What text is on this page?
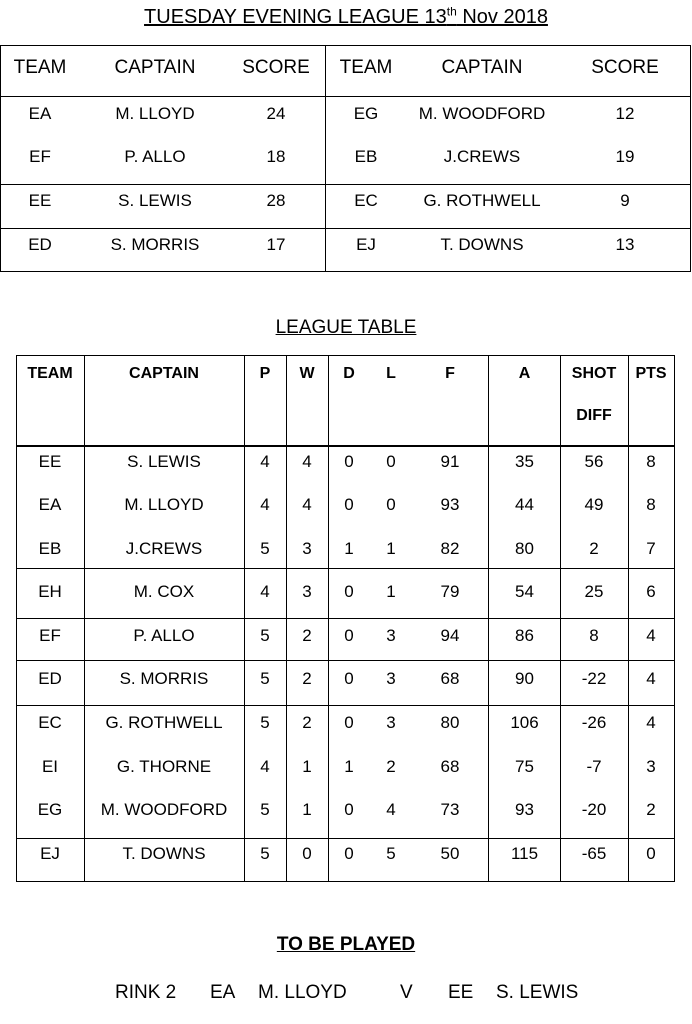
TUESDAY EVENING LEAGUE 13th Nov 2018
TEAM	CAPTAIN	SCORE	TEAM	CAPTAIN	SCORE
EA	M. LLOYD	24	EG	M. WOODFORD	12
EF	P. ALLO	18	EB	J.CREWS	19
EE	S. LEWIS	28	EC	G. ROTHWELL	9
ED	S. MORRIS	17	EJ	T. DOWNS	13
LEAGUE TABLE
TEAM	CAPTAIN	P	W	D	L	F	A	SHOT	PTS
DIFF
EE	S. LEWIS	4	4	0	0	91	35	56	8
EA	M. LLOYD	4	4	0	0	93	44	49	8
EB	J.CREWS	5	3	1	1	82	80	2	7
EH	M. COX	4	3	0	1	79	54	25	6
EF	P. ALLO	5	2	0	3	94	86	8	4
ED	S. MORRIS	5	2	0	3	68	90	-22	4
EC	G. ROTHWELL	5	2	0	3	80	106	-26	4
EI	G. THORNE	4	1	1	2	68	75	-7	3
EG	M. WOODFORD	5	1	0	4	73	93	-20	2
EJ	T. DOWNS	5	0	0	5	50	115	-65	0
TO BE PLAYED
RINK 2 EA M. LLOYD	V EE S. LEWIS
